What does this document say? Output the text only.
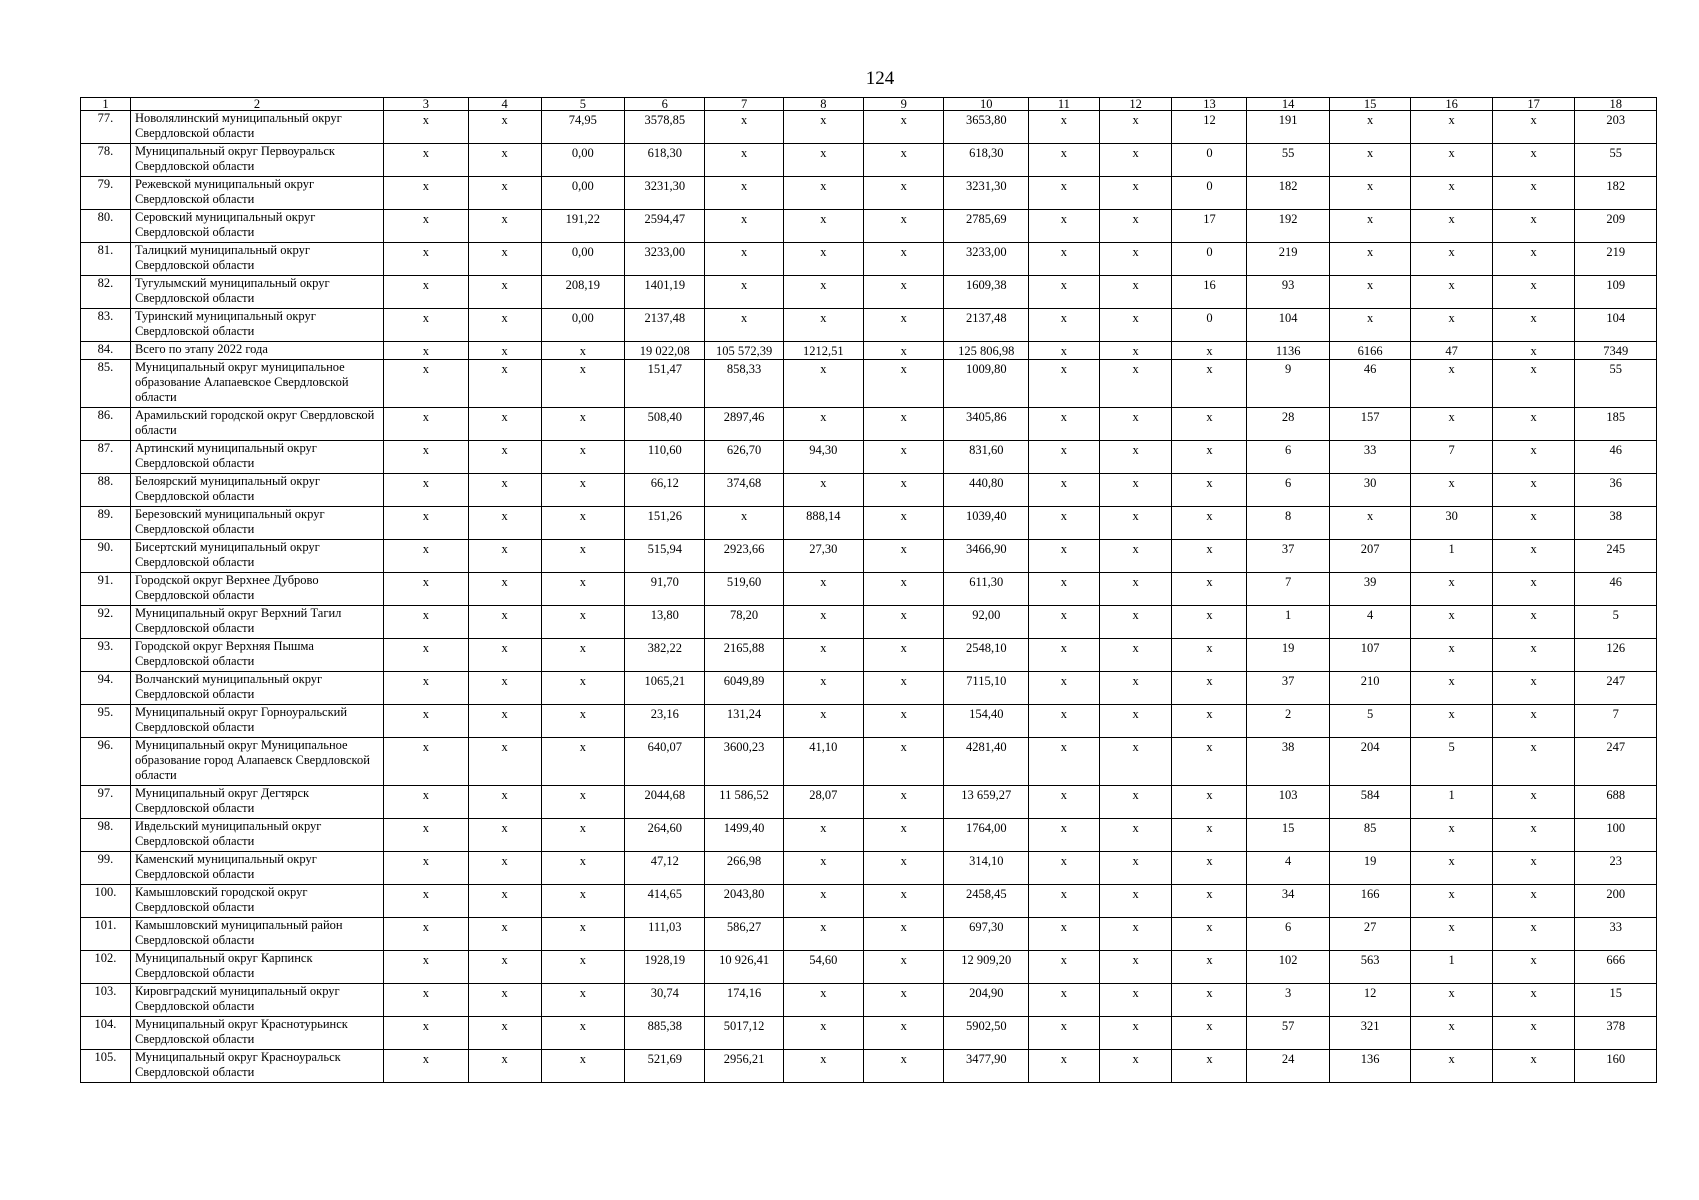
124
1	2	3	4	5	6	7	8	9	10	11	12	13	14	15	16	17	18
77.	Новолялинский муниципальный округ Свердловской области	x	x	74,95	3578,85	x	x	x	3653,80	x	x	12	191	x	x	x	203
78.	Муниципальный округ Первоуральск Свердловской области	x	x	0,00	618,30	x	x	x	618,30	x	x	0	55	x	x	x	55
79.	Режевской муниципальный округ Свердловской области	x	x	0,00	3231,30	x	x	x	3231,30	x	x	0	182	x	x	x	182
80.	Серовский муниципальный округ Свердловской области	x	x	191,22	2594,47	x	x	x	2785,69	x	x	17	192	x	x	x	209
81.	Талицкий муниципальный округ Свердловской области	x	x	0,00	3233,00	x	x	x	3233,00	x	x	0	219	x	x	x	219
82.	Тугулымский муниципальный округ Свердловской области	x	x	208,19	1401,19	x	x	x	1609,38	x	x	16	93	x	x	x	109
83.	Туринский муниципальный округ Свердловской области	x	x	0,00	2137,48	x	x	x	2137,48	x	x	0	104	x	x	x	104
84.	Всего по этапу 2022 года	x	x	x	19 022,08	105 572,39	1212,51	x	125 806,98	x	x	x	1136	6166	47	x	7349
85.	Муниципальный округ муниципальное образование Алапаевское Свердловской области	x	x	x	151,47	858,33	x	x	1009,80	x	x	x	9	46	x	x	55
86.	Арамильский городской округ Свердловской области	x	x	x	508,40	2897,46	x	x	3405,86	x	x	x	28	157	x	x	185
87.	Артинский муниципальный округ Свердловской области	x	x	x	110,60	626,70	94,30	x	831,60	x	x	x	6	33	7	x	46
88.	Белоярский муниципальный округ Свердловской области	x	x	x	66,12	374,68	x	x	440,80	x	x	x	6	30	x	x	36
89.	Березовский муниципальный округ Свердловской области	x	x	x	151,26	x	888,14	x	1039,40	x	x	x	8	x	30	x	38
90.	Бисертский муниципальный округ Свердловской области	x	x	x	515,94	2923,66	27,30	x	3466,90	x	x	x	37	207	1	x	245
91.	Городской округ Верхнее Дуброво Свердловской области	x	x	x	91,70	519,60	x	x	611,30	x	x	x	7	39	x	x	46
92.	Муниципальный округ Верхний Тагил Свердловской области	x	x	x	13,80	78,20	x	x	92,00	x	x	x	1	4	x	x	5
93.	Городской округ Верхняя Пышма Свердловской области	x	x	x	382,22	2165,88	x	x	2548,10	x	x	x	19	107	x	x	126
94.	Волчанский муниципальный округ Свердловской области	x	x	x	1065,21	6049,89	x	x	7115,10	x	x	x	37	210	x	x	247
95.	Муниципальный округ Горноуральский Свердловской области	x	x	x	23,16	131,24	x	x	154,40	x	x	x	2	5	x	x	7
96.	Муниципальный округ Муниципальное образование город Алапаевск Свердловской области	x	x	x	640,07	3600,23	41,10	x	4281,40	x	x	x	38	204	5	x	247
97.	Муниципальный округ Дегтярск Свердловской области	x	x	x	2044,68	11 586,52	28,07	x	13 659,27	x	x	x	103	584	1	x	688
98.	Ивдельский муниципальный округ Свердловской области	x	x	x	264,60	1499,40	x	x	1764,00	x	x	x	15	85	x	x	100
99.	Каменский муниципальный округ Свердловской области	x	x	x	47,12	266,98	x	x	314,10	x	x	x	4	19	x	x	23
100.	Камышловский городской округ Свердловской области	x	x	x	414,65	2043,80	x	x	2458,45	x	x	x	34	166	x	x	200
101.	Камышловский муниципальный район Свердловской области	x	x	x	111,03	586,27	x	x	697,30	x	x	x	6	27	x	x	33
102.	Муниципальный округ Карпинск Свердловской области	x	x	x	1928,19	10 926,41	54,60	x	12 909,20	x	x	x	102	563	1	x	666
103.	Кировградский муниципальный округ Свердловской области	x	x	x	30,74	174,16	x	x	204,90	x	x	x	3	12	x	x	15
104.	Муниципальный округ Краснотурьинск Свердловской области	x	x	x	885,38	5017,12	x	x	5902,50	x	x	x	57	321	x	x	378
105.	Муниципальный округ Красноуральск Свердловской области	x	x	x	521,69	2956,21	x	x	3477,90	x	x	x	24	136	x	x	160
